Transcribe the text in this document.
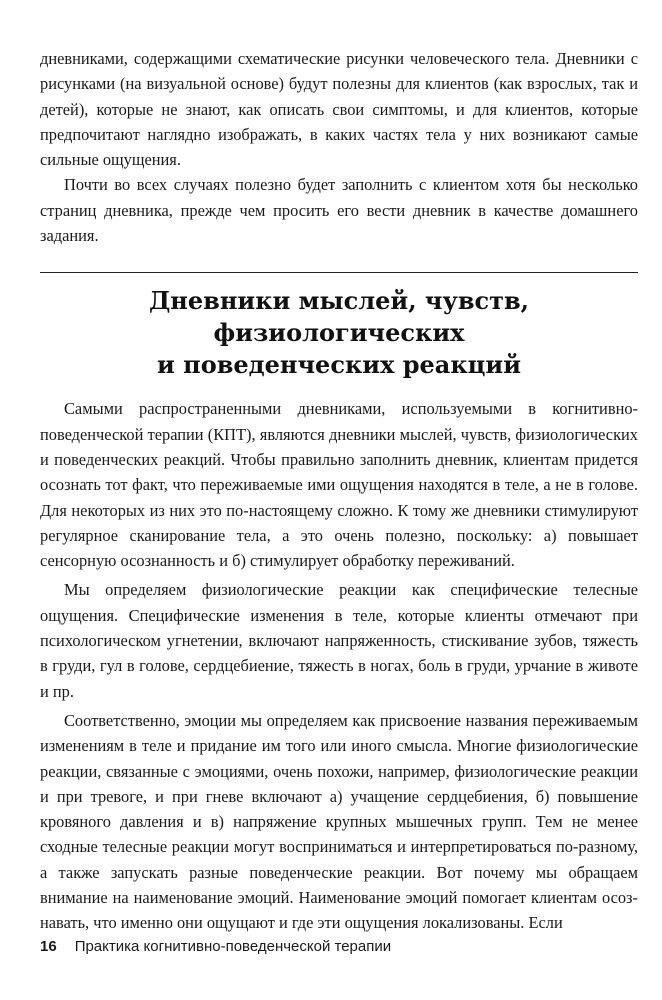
дневниками, содержащими схематические рисунки человеческого тела. Дневники с рисунками (на визуальной основе) будут полезны для клиентов (как взрослых, так и детей), которые не знают, как описать свои симптомы, и для клиентов, которые предпочитают наглядно изображать, в каких частях тела у них возникают самые сильные ощущения.

Почти во всех случаях полезно будет заполнить с клиентом хотя бы несколько страниц дневника, прежде чем просить его вести дневник в качестве домашнего задания.

Дневники мыслей, чувств, физиологических
и поведенческих реакций

Самыми распространенными дневниками, используемыми в когнитивно-поведенческой терапии (КПТ), являются дневники мыслей, чувств, физиологических и поведенческих реакций. Чтобы правильно заполнить дневник, клиентам придется осознать тот факт, что переживаемые ими ощущения находятся в теле, а не в голове. Для некоторых из них это по-настоящему сложно. К тому же дневники стимулируют регулярное сканирование тела, а это очень полезно, поскольку: а) повышает сенсорную осознанность и б) стимулирует обработку переживаний.

Мы определяем физиологические реакции как специфические телесные ощущения. Специфические изменения в теле, которые клиенты отмечают при психологическом угнетении, включают напряженность, стискивание зубов, тяжесть в груди, гул в голове, сердцебиение, тяжесть в ногах, боль в груди, урчание в животе и пр.

Соответственно, эмоции мы определяем как присвоение названия переживаемым изменениям в теле и придание им того или иного смысла. Многие физиологические реакции, связанные с эмоциями, очень похожи, например, физиологические реакции и при тревоге, и при гневе включают а) учащение сердцебиения, б) повышение кровяного давления и в) напряжение крупных мышечных групп. Тем не менее сходные телесные реакции могут восприниматься и интерпретироваться по-разному, а также запускать разные поведенческие реакции. Вот почему мы обращаем внимание на наименование эмоций. Наименование эмоций помогает клиентам осознавать, что именно они ощущают и где эти ощущения локализованы. Если

16 Практика когнитивно-поведенческой терапии
